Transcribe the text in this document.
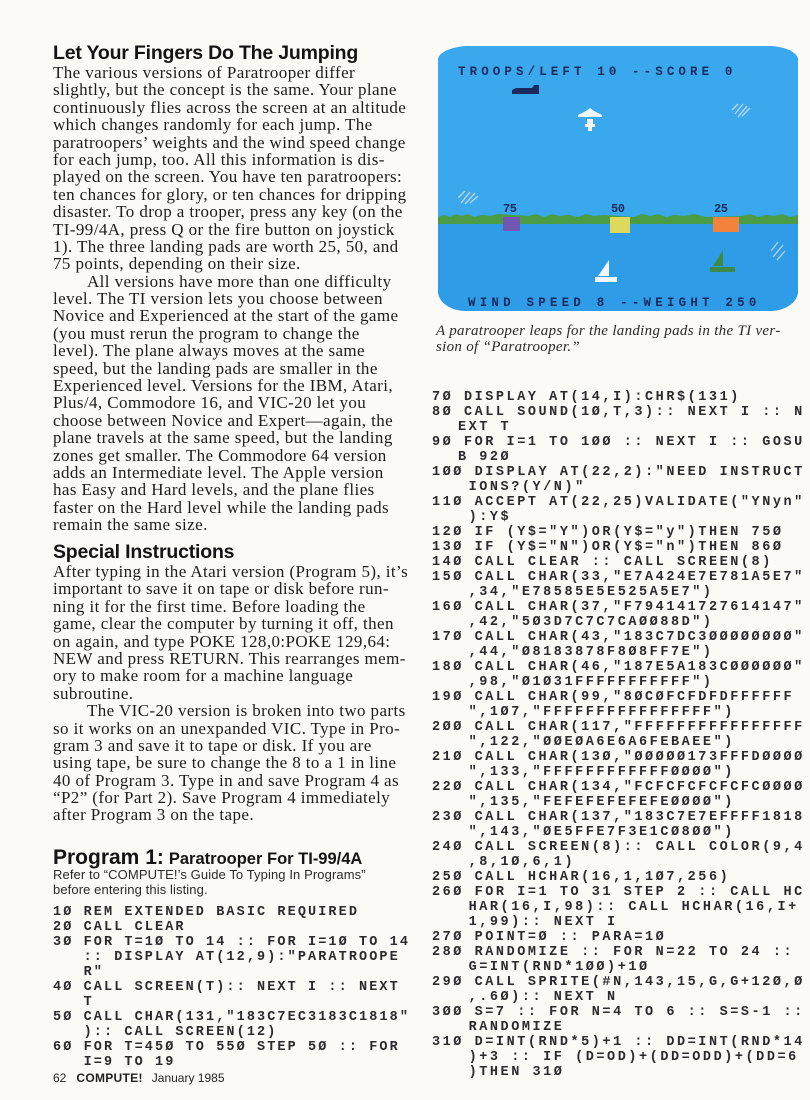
Let Your Fingers Do The Jumping
The various versions of Paratrooper differ
slightly, but the concept is the same. Your plane
continuously flies across the screen at an altitude
which changes randomly for each jump. The
paratroopers’ weights and the wind speed change
for each jump, too. All this information is dis-
played on the screen. You have ten paratroopers:
ten chances for glory, or ten chances for dripping
disaster. To drop a trooper, press any key (on the
TI-99/4A, press Q or the fire button on joystick
1). The three landing pads are worth 25, 50, and
75 points, depending on their size.
All versions have more than one difficulty
level. The TI version lets you choose between
Novice and Experienced at the start of the game
(you must rerun the program to change the
level). The plane always moves at the same
speed, but the landing pads are smaller in the
Experienced level. Versions for the IBM, Atari,
Plus/4, Commodore 16, and VIC-20 let you
choose between Novice and Expert—again, the
plane travels at the same speed, but the landing
zones get smaller. The Commodore 64 version
adds an Intermediate level. The Apple version
has Easy and Hard levels, and the plane flies
faster on the Hard level while the landing pads
remain the same size.
Special Instructions
After typing in the Atari version (Program 5), it’s
important to save it on tape or disk before run-
ning it for the first time. Before loading the
game, clear the computer by turning it off, then
on again, and type POKE 128,0:POKE 129,64:
NEW and press RETURN. This rearranges mem-
ory to make room for a machine language
subroutine.
The VIC-20 version is broken into two parts
so it works on an unexpanded VIC. Type in Pro-
gram 3 and save it to tape or disk. If you are
using tape, be sure to change the 8 to a 1 in line
40 of Program 3. Type in and save Program 4 as
“P2” (for Part 2). Save Program 4 immediately
after Program 3 on the tape.
Program 1: Paratrooper For TI-99/4A
Refer to “COMPUTE!’s Guide To Typing In Programs”
before entering this listing.
1Ø REM EXTENDED BASIC REQUIRED
2Ø CALL CLEAR
3Ø FOR T=1Ø TO 14 :: FOR I=1Ø TO 14
:: DISPLAY AT(12,9):"PARATROOPE
R"
4Ø CALL SCREEN(T):: NEXT I :: NEXT
T
5Ø CALL CHAR(131,"183C7EC3183C1818"
):: CALL SCREEN(12)
6Ø FOR T=45Ø TO 55Ø STEP 5Ø :: FOR
I=9 TO 19
62 COMPUTE! January 1985
TROOPS/LEFT 10 --SCORE 0
75	50	25
WIND SPEED 8 --WEIGHT 250
A paratrooper leaps for the landing pads in the TI ver-
sion of “Paratrooper.”
7Ø DISPLAY AT(14,I):CHR$(131)
8Ø CALL SOUND(1Ø,T,3):: NEXT I :: N
EXT T
9Ø FOR I=1 TO 1ØØ :: NEXT I :: GOSU
B 92Ø
1ØØ DISPLAY AT(22,2):"NEED INSTRUCT
IONS?(Y/N)"
11Ø ACCEPT AT(22,25)VALIDATE("YNyn"
):Y$
12Ø IF (Y$="Y")OR(Y$="y")THEN 75Ø
13Ø IF (Y$="N")OR(Y$="n")THEN 86Ø
14Ø CALL CLEAR :: CALL SCREEN(8)
15Ø CALL CHAR(33,"E7A424E7E781A5E7"
,34,"E78585E5E525A5E7")
16Ø CALL CHAR(37,"F794141727614147"
,42,"5Ø3D7C7C7CAØØ88D")
17Ø CALL CHAR(43,"183C7DC3ØØØØØØØØ"
,44,"Ø8183878F8Ø8FF7E")
18Ø CALL CHAR(46,"187E5A183CØØØØØØ"
,98,"Ø1Ø31FFFFFFFFFFF")
19Ø CALL CHAR(99,"8ØCØFCFDFDFFFFFF
",1Ø7,"FFFFFFFFFFFFFFFF")
2ØØ CALL CHAR(117,"FFFFFFFFFFFFFFFF
",122,"ØØEØA6E6A6FEBAEE")
21Ø CALL CHAR(13Ø,"ØØØØØ173FFFDØØØØ
",133,"FFFFFFFFFFFFØØØØ")
22Ø CALL CHAR(134,"FCFCFCFCFCFCØØØØ
",135,"FEFEFEFEFEFEØØØØ")
23Ø CALL CHAR(137,"183C7E7EFFFF1818
",143,"ØE5FFE7F3E1CØ8ØØ")
24Ø CALL SCREEN(8):: CALL COLOR(9,4
,8,1Ø,6,1)
25Ø CALL HCHAR(16,1,1Ø7,256)
26Ø FOR I=1 TO 31 STEP 2 :: CALL HC
HAR(16,I,98):: CALL HCHAR(16,I+
1,99):: NEXT I
27Ø POINT=Ø :: PARA=1Ø
28Ø RANDOMIZE :: FOR N=22 TO 24 ::
G=INT(RND*1ØØ)+1Ø
29Ø CALL SPRITE(#N,143,15,G,G+12Ø,Ø
,.6Ø):: NEXT N
3ØØ S=7 :: FOR N=4 TO 6 :: S=S-1 ::
RANDOMIZE
31Ø D=INT(RND*5)+1 :: DD=INT(RND*14
)+3 :: IF (D=OD)+(DD=ODD)+(DD=6
)THEN 31Ø
